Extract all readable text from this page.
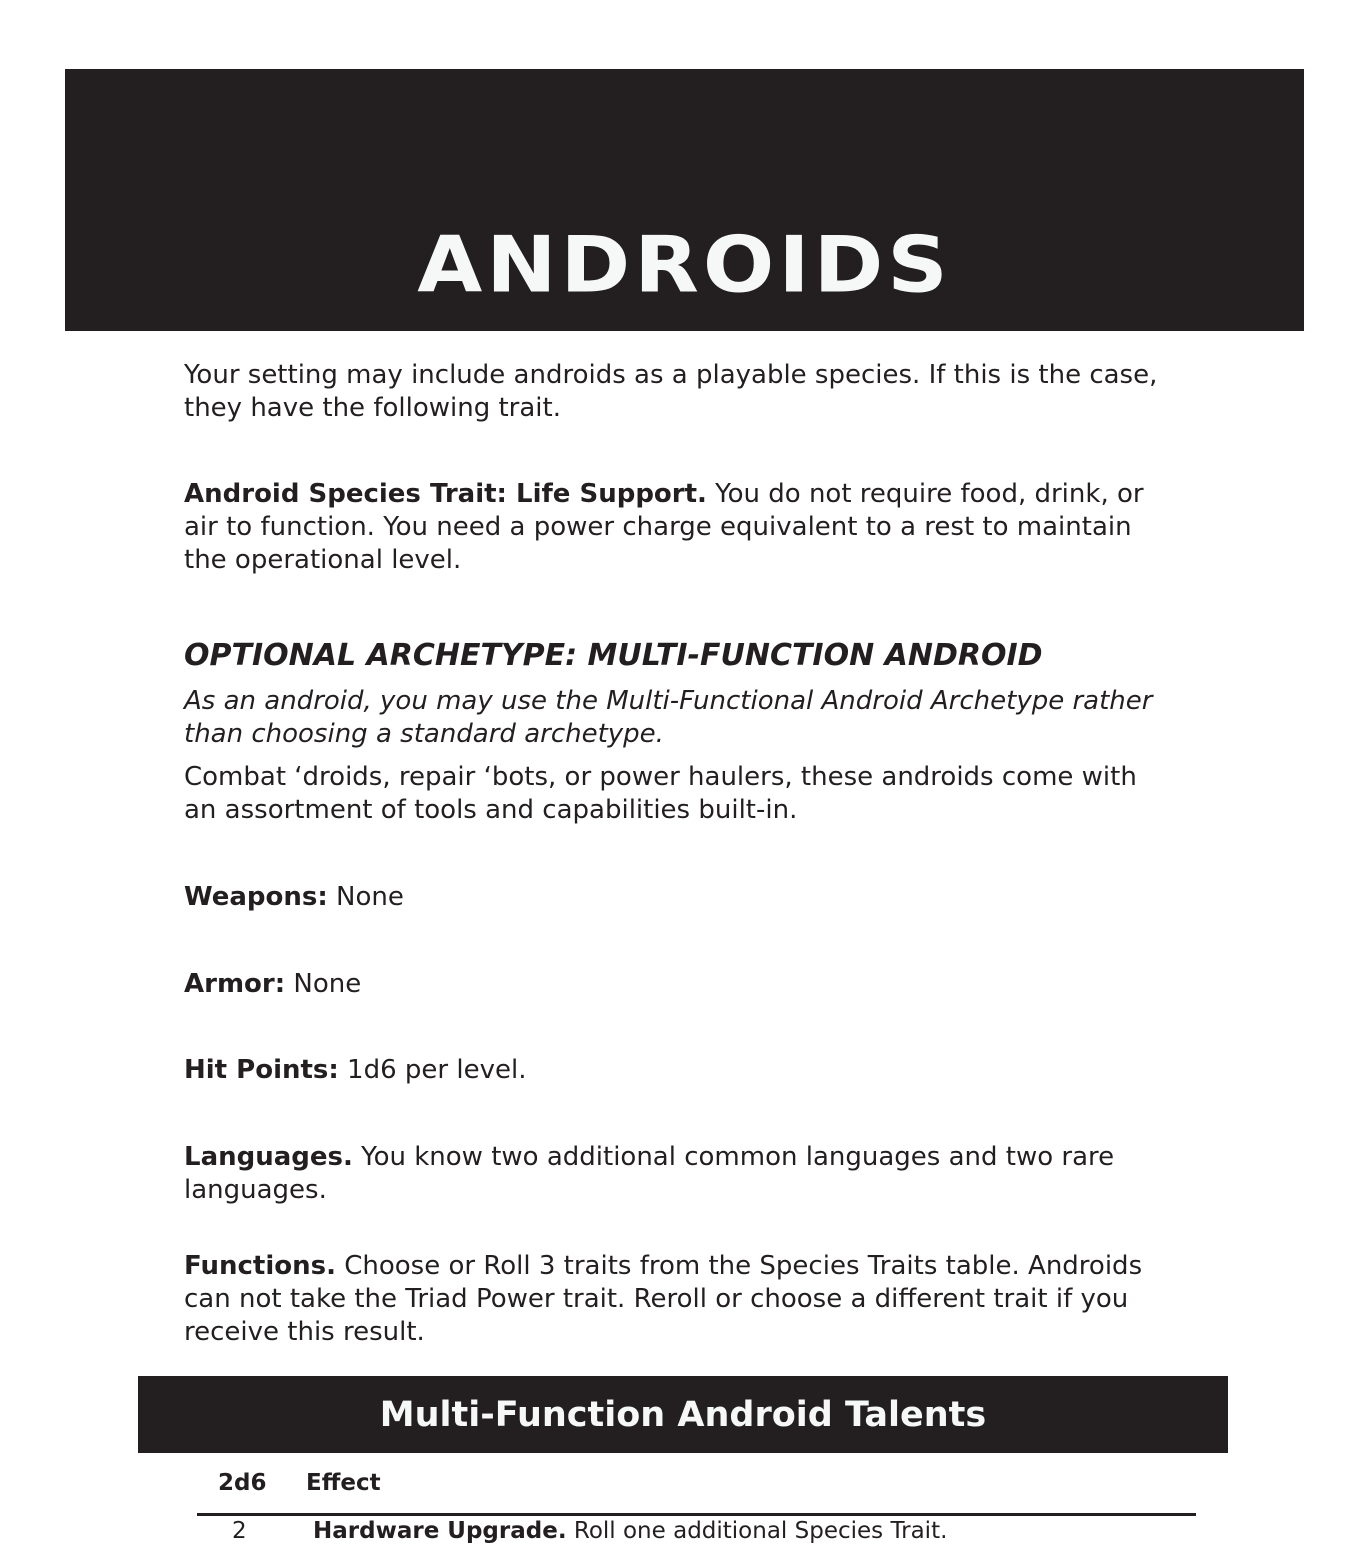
ANDROIDS

Your setting may include androids as a playable species. If this is the case, they have the following trait.

Android Species Trait: Life Support. You do not require food, drink, or air to function. You need a power charge equivalent to a rest to maintain the operational level.

OPTIONAL ARCHETYPE: MULTI-FUNCTION ANDROID

As an android, you may use the Multi-Functional Android Archetype rather than choosing a standard archetype.

Combat ‘droids, repair ‘bots, or power haulers, these androids come with an assortment of tools and capabilities built-in.

Weapons: None

Armor: None

Hit Points: 1d6 per level.

Languages. You know two additional common languages and two rare languages.

Functions. Choose or Roll 3 traits from the Species Traits table. Androids can not take the Triad Power trait. Reroll or choose a different trait if you receive this result.

Multi-Function Android Talents
2d6 Effect
2	Hardware Upgrade. Roll one additional Species Trait.
